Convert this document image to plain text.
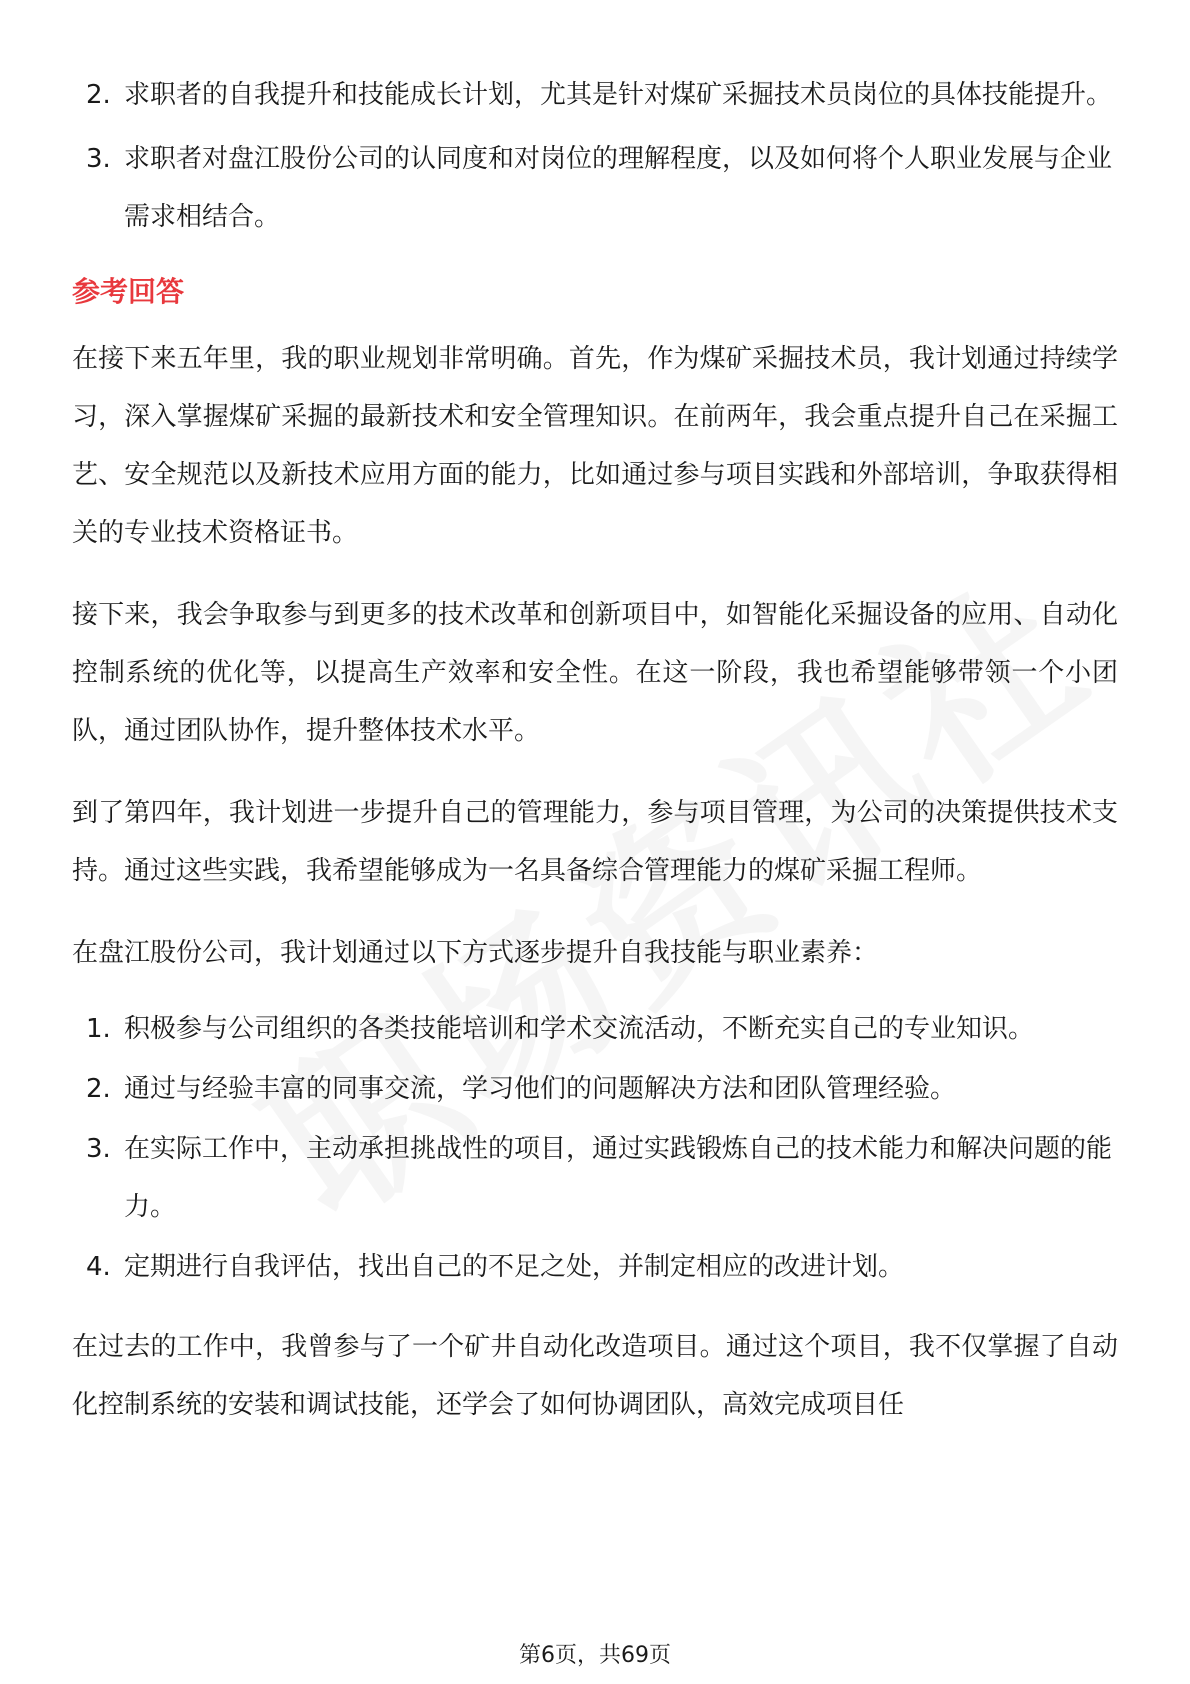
2. 求职者的自我提升和技能成长计划，尤其是针对煤矿采掘技术员岗位的具体技能提升。
3. 求职者对盘江股份公司的认同度和对岗位的理解程度，以及如何将个人职业发展与企业需求相结合。
参考回答

在接下来五年里，我的职业规划非常明确。首先，作为煤矿采掘技术员，我计划通过持续学习，深入掌握煤矿采掘的最新技术和安全管理知识。在前两年，我会重点提升自己在采掘工艺、安全规范以及新技术应用方面的能力，比如通过参与项目实践和外部培训，争取获得相关的专业技术资格证书。

接下来，我会争取参与到更多的技术改革和创新项目中，如智能化采掘设备的应用、自动化控制系统的优化等，以提高生产效率和安全性。在这一阶段，我也希望能够带领一个小团队，通过团队协作，提升整体技术水平。

到了第四年，我计划进一步提升自己的管理能力，参与项目管理，为公司的决策提供技术支持。通过这些实践，我希望能够成为一名具备综合管理能力的煤矿采掘工程师。

在盘江股份公司，我计划通过以下方式逐步提升自我技能与职业素养：

1. 积极参与公司组织的各类技能培训和学术交流活动，不断充实自己的专业知识。
2. 通过与经验丰富的同事交流，学习他们的问题解决方法和团队管理经验。
3. 在实际工作中，主动承担挑战性的项目，通过实践锻炼自己的技术能力和解决问题的能力。
4. 定期进行自我评估，找出自己的不足之处，并制定相应的改进计划。

在过去的工作中，我曾参与了一个矿井自动化改造项目。通过这个项目，我不仅掌握了自动化控制系统的安装和调试技能，还学会了如何协调团队，高效完成项目任

第6页，共69页
